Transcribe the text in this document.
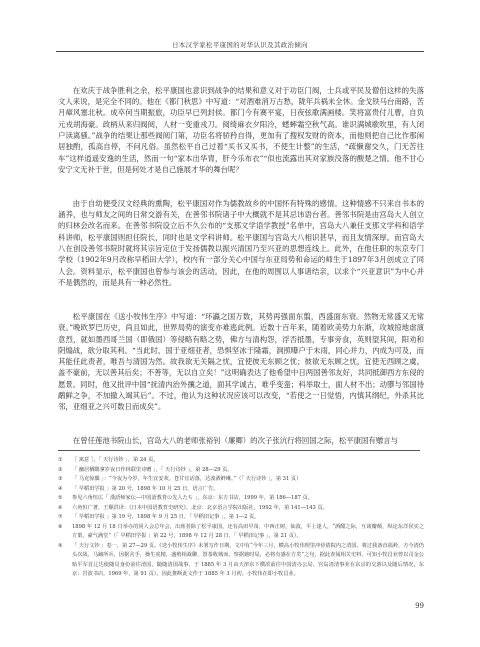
日本汉学家松平康国的对华认识及其政治倾向

在欢庆于战争胜利之余，松平康国也意识到战争的结果和意义对于功臣门阀，士兵或平民及僧侣这样的失落文人来说，是完全不同的。他在《都门秋思》中写道：“对酒难消万古愁，陇年兵祸未全休。金戈铁马台南路，苦月瘴风塞北秋。成卒何当期振旅，功臣早已列封侯。都门今有赛平宴，日夜弦歌满画楼。笑将富贵付儿曹，自负元戎胡海豪。政柄从来归阀阅，人材一变重戎刀。阅绮麻衣夕阳冷，蟋蟀霜空秋气高。谁识满城歌吹里，有人闭户读离骚。”战争的结果让那些阀阅门第，功臣名将骄矜自得，更加有了搜权发财的资本，而他则把自己比作那闲居独酌，孤高自停，不问凡俗。虽然松平自己过着“买书又买书，不使生计整”的生活，“疏懒谢交久，门无苦往车”这样逍遥安逸的生活，然而一句“家本出华胄，肝今乐布衣”“似也流露出其对家族没落的酸楚之情。他不甘心安宁文无补于世，但是何处才是自己施展才华的舞台呢？

由于自幼便受汉文经典的熏陶，松平康国对作为儒教故乡的中国怀有特殊的感情。这种情感不只来自书本的涵养，也与师友之间的日常交游有关，在善邻书院诸子中大概就不是其忌讳语台者。善邻书院是由宫岛大人创立的归林会改名而来。在善邻书院设立后不久公布的“支那文学语学教授”名单中，宫岛大八兼任支那文学科和语学科讲师，松平康国则担任院长，同时也是文学科讲师。松平康国与宫岛大八相识甚早，而且友情深厚。而宫岛大八在创设善邻书院时就将其宗旨定位于发扬儒教以振兴清国乃至兴亚的思想连线上。此外，在他任职的东京专门学校（1902年9月改称早稻田大学），校内有一部分关心中国与东亚局势和命运的师生于1897年3月创成立了同人会。资料显示，松平康国也曾参与该会的活动。因此，在他的周围以人事诸结亲，以求个“兴亚意识”为中心并不是偶然的，而是具有一种必然性。

松平康国在《送小牧伟生序》中写道：“环瀛之国万数，其势再强面东翦，西盛面东衰。然物无常盛又无常衰。”晚欧罗巴历史，尚且如此，世界局势的演变亦难逃此例。近数十百年来，随着欧美势力东渐，攻城掠地虐演意烈，就如墨西哥兰国（即俄国）等侵略有略之势，佛方与清构怨，浮否抵墨，专事旁食，英则望其间，阳劝和阴煽战，欲分取其利。“当此时，国于亚细亚者，恐惧坚冰于隆霜，洞照曝户于未雨，同心并力，内成为可及，而其能任此责者，唯吾与清国为然。故我欲无关隔之忧，宜使彼无东顾之忧；彼欲无东顾之忧，宜使无西顾之虞。盖不豪前，无以善其后矣；不善等，无以自立矣！”这明确表达了他希望中日两国善邻友好，共同抵御西方东侵的愿景。同时，他又批评中国“抚清内治外攘之道，面其学诚古，难乎变蛮；科举取士，面人材不出；动隳与邻国待鹬鲜之争，不加撤入竭其后”。不过，他认为这种状况应该可以改变，“若使之一日觉悟，内慎其纲纪，外杀其比邻，亚细亚之兴可数日而成矣”。

在曾任莲池书院山长，宫岛大八的老师张裕钊（廉卿）的次子张沆行将回国之际，松平康国有赠言与

①	［ 寓意 ］，「 天行诗钞 」，第 24 页。
②	「 幽居栖隅拿岁夜日作林联里诗赠 」，「 天行诗钞 」，第 28—29 页。
③	「 马克惊偶 」：“今夜为今岁，年生宜安欢。苍甘宜话落，达波酒鲜琳。”（「 天行诗钞 」，第 31 页）
④	「 早稻田学报 」第 20 号，1898 年 10 月 25 日，语言广告。
⑤	参见六角恒広「 漢語师家伝—中国語教育の先人たち 」，东京：东方书店，1999 年，第 186—187 页。
⑥	六角恒广著，王顺洪译：《日本中国语教育史研究》，北京：北京语言学院出版社，1992 年，第 141—143 页。
⑦	「 早稻田学报 」第 19 号，1898 年 9 月 25 日，「 早稻田记事 」，第 1—2 页。
⑧	1898 年 12 月 18 日举办的同人会总年会，出席者除了松平康国，还有高田早苗，中西正树，仙波，平上逢人，“酒酣之际，互谈瓣颠，纵论东洋侯实之方策，豪气满堂”（「 早稻田学报 」第 22 号，1898 年 12 月 28 日，「 早稻田记事 」，第 21 页）。
⑨	「 天行文钞 」卷一，第 27—29 页。《送小牧伟生序》未署写作日期。文中有“今年三月，横高小牧伟理里冲侍倩院内之清国，将过我备直福岭，方今清仍头次战，马蹄所兵，因据舍手，操生虎精，盛殖相裁聊，置茶收城而，察据她时局，必将有感在方矣”之句，据此查阅相关史料，可知小牧昌业曾以司金公贴平军首辽达使随员身份前往清国，随随清国战事，于 1885 年 3 月由天津东下横滨前往中国清办公局。宫岛清清事业在东京的交游以及随后情况，东京：岩波书店，1969 年，第 91 页）。因此推断此文作于 1885 年 3 月初。小牧伟在即小牧昌业。
99
